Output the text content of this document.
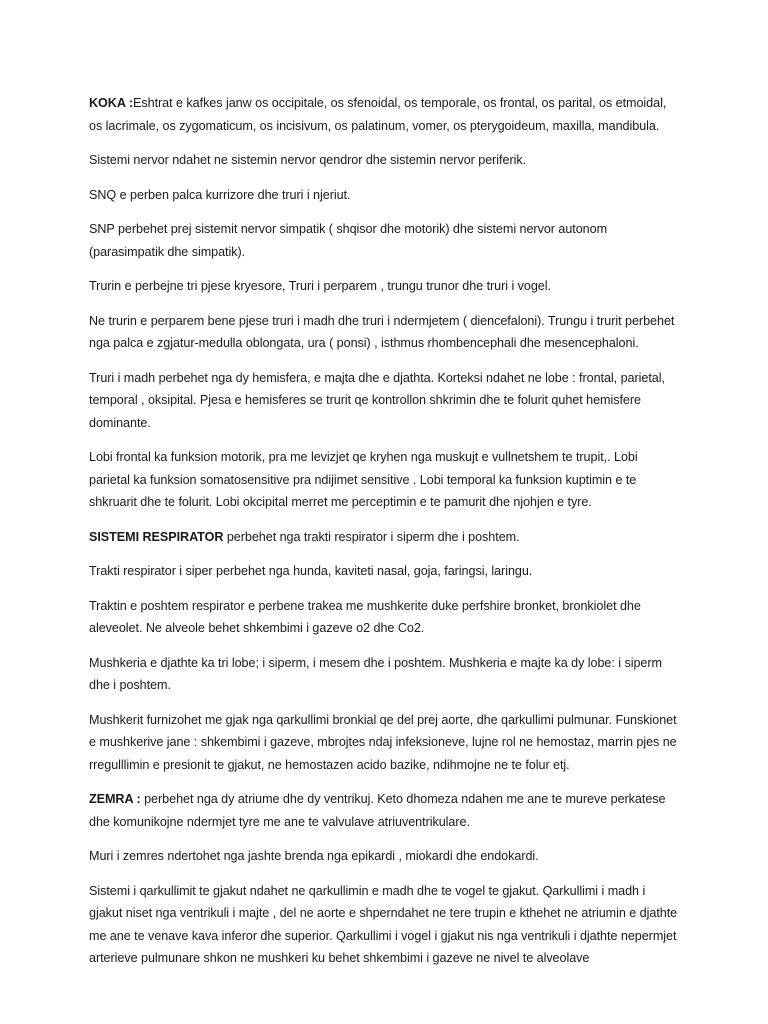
KOKA :Eshtrat e kafkes janw os occipitale, os sfenoidal, os temporale, os frontal, os parital, os etmoidal, os lacrimale, os zygomaticum, os incisivum, os palatinum, vomer, os pterygoideum, maxilla, mandibula.

Sistemi nervor ndahet ne sistemin nervor qendror dhe sistemin nervor periferik.

SNQ e perben palca kurrizore dhe truri i njeriut.

SNP perbehet prej sistemit nervor simpatik ( shqisor dhe motorik) dhe sistemi nervor autonom (parasimpatik dhe simpatik).

Trurin e perbejne tri pjese kryesore, Truri i perparem , trungu trunor dhe truri i vogel.

Ne trurin e perparem bene pjese truri i madh dhe truri i ndermjetem ( diencefaloni). Trungu i trurit perbehet nga palca e zgjatur-medulla oblongata, ura ( ponsi) , isthmus rhombencephali dhe mesencephaloni.

Truri i madh perbehet nga dy hemisfera, e majta dhe e djathta. Korteksi ndahet ne lobe : frontal, parietal, temporal , oksipital. Pjesa e hemisferes se trurit qe kontrollon shkrimin dhe te folurit quhet hemisfere dominante.

Lobi frontal ka funksion motorik, pra me levizjet qe kryhen nga muskujt e vullnetshem te trupit,. Lobi parietal ka funksion somatosensitive pra ndijimet sensitive . Lobi temporal ka funksion kuptimin e te shkruarit dhe te folurit. Lobi okcipital merret me perceptimin e te pamurit dhe njohjen e tyre.

SISTEMI RESPIRATOR perbehet nga trakti respirator i siperm dhe i poshtem.

Trakti respirator i siper perbehet nga hunda, kaviteti nasal, goja, faringsi, laringu.

Traktin e poshtem respirator e perbene trakea me mushkerite duke perfshire bronket, bronkiolet dhe aleveolet. Ne alveole behet shkembimi i gazeve o2 dhe Co2.

Mushkeria e djathte ka tri lobe; i siperm, i mesem dhe i poshtem. Mushkeria e majte ka dy lobe: i siperm dhe i poshtem.

Mushkerit furnizohet me gjak nga qarkullimi bronkial qe del prej aorte, dhe qarkullimi pulmunar. Funskionet e mushkerive jane : shkembimi i gazeve, mbrojtes ndaj infeksioneve, lujne rol ne hemostaz, marrin pjes ne rregulllimin e presionit te gjakut, ne hemostazen acido bazike, ndihmojne ne te folur etj.

ZEMRA : perbehet nga dy atriume dhe dy ventrikuj. Keto dhomeza ndahen me ane te mureve perkatese dhe komunikojne ndermjet tyre me ane te valvulave atriuventrikulare.

Muri i zemres ndertohet nga jashte brenda nga epikardi , miokardi dhe endokardi.

Sistemi i qarkullimit te gjakut ndahet ne qarkullimin e madh dhe te vogel te gjakut. Qarkullimi i madh i gjakut niset nga ventrikuli i majte , del ne aorte e shperndahet ne tere trupin e kthehet ne atriumin e djathte me ane te venave kava inferor dhe superior. Qarkullimi i vogel i gjakut nis nga ventrikuli i djathte nepermjet arterieve pulmunare shkon ne mushkeri ku behet shkembimi i gazeve ne nivel te alveolave
